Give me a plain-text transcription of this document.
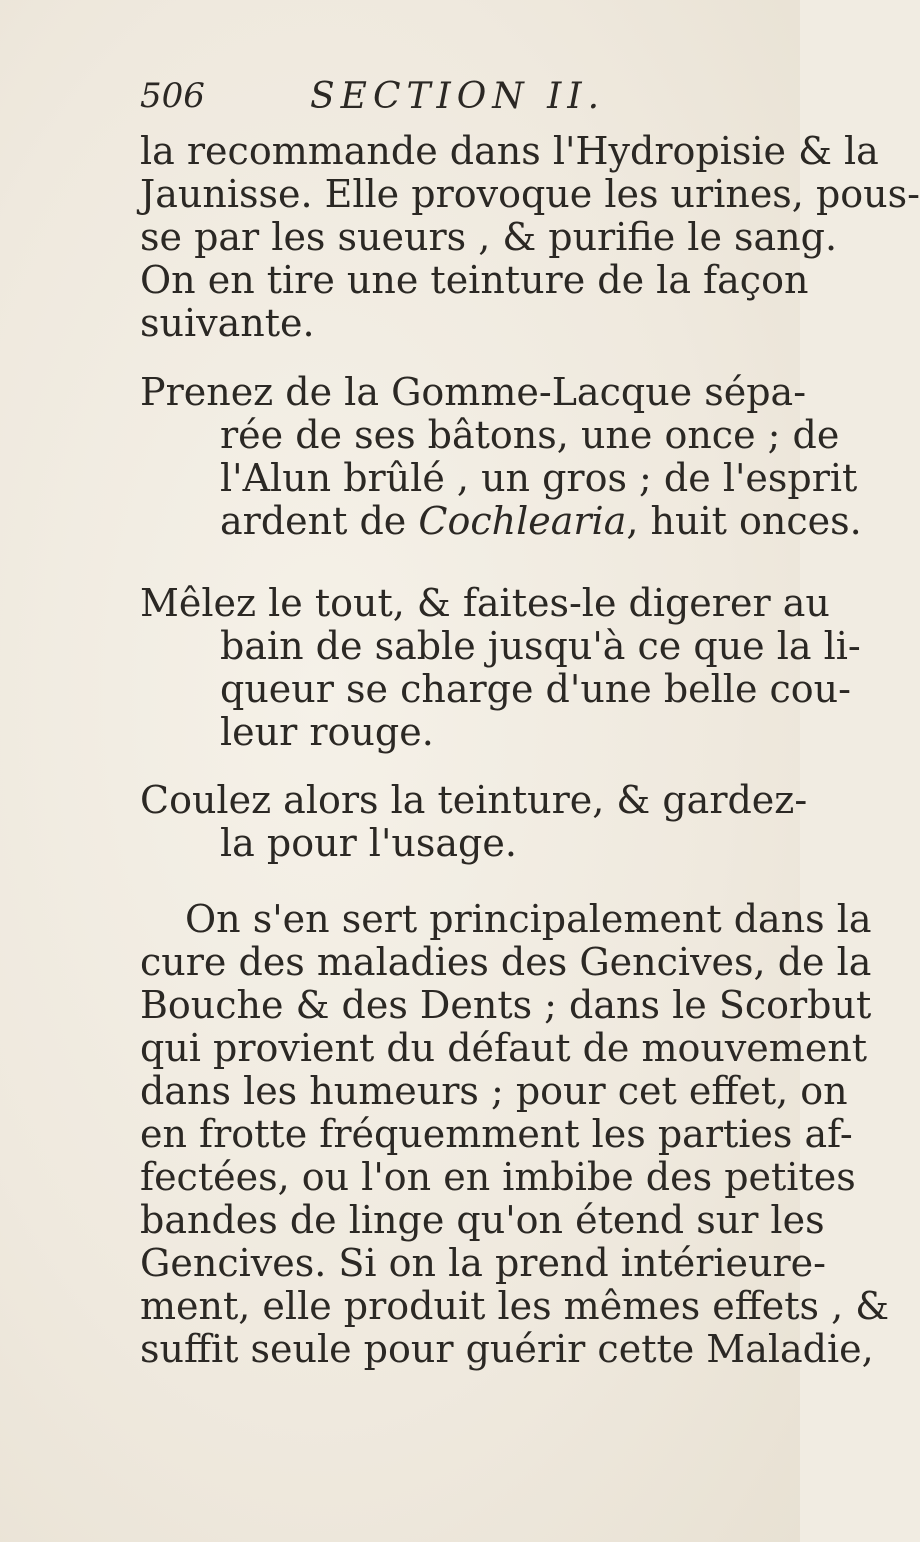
506	SECTION II.
la recommande dans l'Hydropisie & la
Jaunisse. Elle provoque les urines, pous-
se par les sueurs , & purifie le sang.
On en tire une teinture de la façon
suivante.
Prenez de la Gomme-Lacque sépa-
rée de ses bâtons, une once ; de
l'Alun brûlé , un gros ; de l'esprit
ardent de Cochlearia, huit onces.
Mêlez le tout, & faites-le digerer au
bain de sable jusqu'à ce que la li-
queur se charge d'une belle cou-
leur rouge.
Coulez alors la teinture, & gardez-
la pour l'usage.
On s'en sert principalement dans la
cure des maladies des Gencives, de la
Bouche & des Dents ; dans le Scorbut
qui provient du défaut de mouvement
dans les humeurs ; pour cet effet, on
en frotte fréquemment les parties af-
fectées, ou l'on en imbibe des petites
bandes de linge qu'on étend sur les
Gencives. Si on la prend intérieure-
ment, elle produit les mêmes effets , &
suffit seule pour guérir cette Maladie,
